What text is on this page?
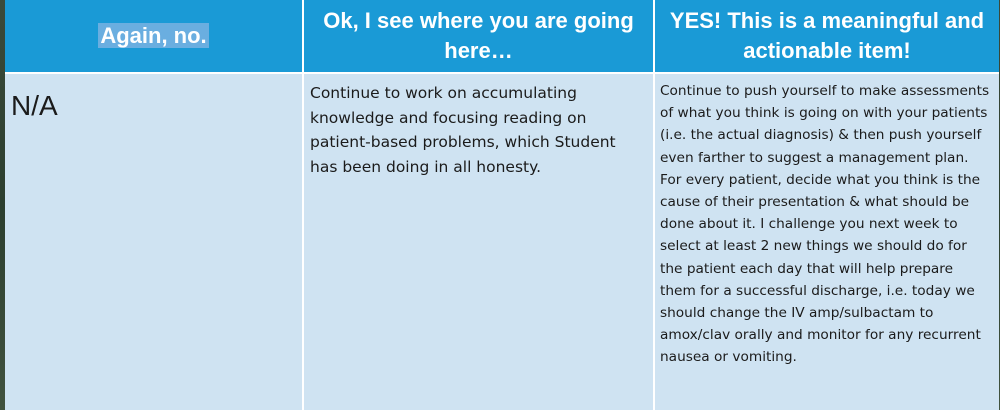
Again, no.	Ok, I see where you are going here…	YES! This is a meaningful and actionable item!

N/A	Continue to work on accumulating knowledge and focusing reading on patient-based problems, which Student has been doing in all honesty.	Continue to push yourself to make assessments of what you think is going on with your patients (i.e. the actual diagnosis) & then push yourself even farther to suggest a management plan. For every patient, decide what you think is the cause of their presentation & what should be done about it. I challenge you next week to select at least 2 new things we should do for the patient each day that will help prepare them for a successful discharge, i.e. today we should change the IV amp/sulbactam to amox/clav orally and monitor for any recurrent nausea or vomiting.
